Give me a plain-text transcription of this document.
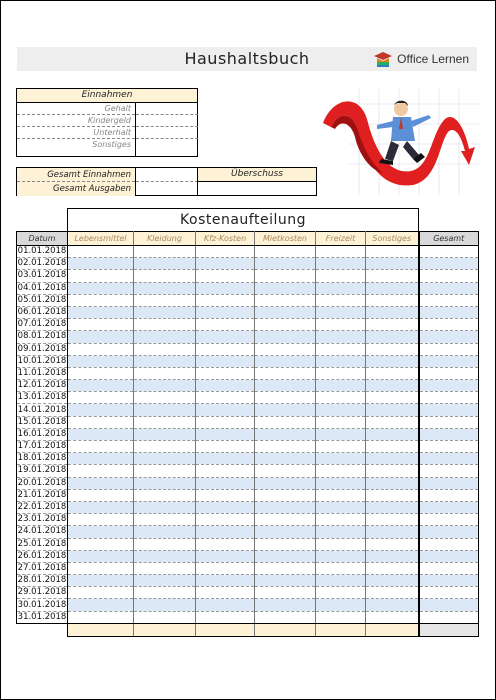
Haushaltsbuch	Office Lernen
Einnahmen
Gehalt
Kindergeld
Unterhalt
Sonstiges
Gesamt Einnahmen
Gesamt Ausgaben
Überschuss
Kostenaufteilung
Datum	Lebensmittel	Kleidung	Kfz-Kosten	Mietkosten	Freizeit	Sonstiges	Gesamt
01.01.2018							
02.01.2018							
03.01.2018							
04.01.2018							
05.01.2018							
06.01.2018							
07.01.2018							
08.01.2018							
09.01.2018							
10.01.2018							
11.01.2018							
12.01.2018							
13.01.2018							
14.01.2018							
15.01.2018							
16.01.2018							
17.01.2018							
18.01.2018							
19.01.2018							
20.01.2018							
21.01.2018							
22.01.2018							
23.01.2018							
24.01.2018							
25.01.2018							
26.01.2018							
27.01.2018							
28.01.2018							
29.01.2018							
30.01.2018							
31.01.2018							
